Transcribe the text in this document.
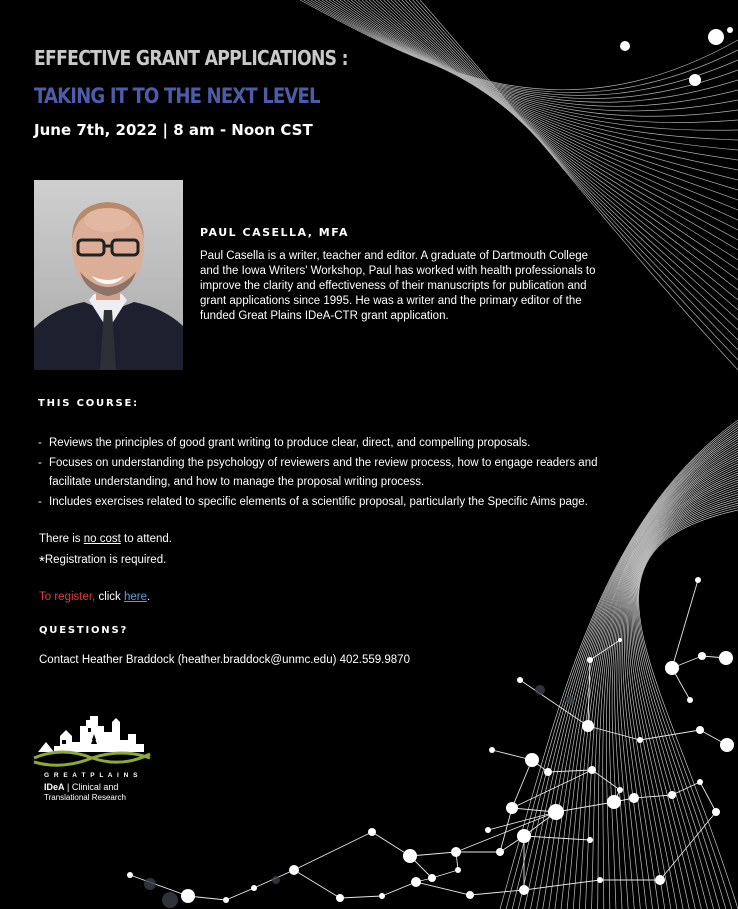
EFFECTIVE GRANT APPLICATIONS :
TAKING IT TO THE NEXT LEVEL
June 7th, 2022 | 8 am - Noon CST
PAUL CASELLA, MFA
Paul Casella is a writer, teacher and editor. A graduate of Dartmouth College and the Iowa Writers' Workshop, Paul has worked with health professionals to improve the clarity and effectiveness of their manuscripts for publication and grant applications since 1995. He was a writer and the primary editor of the funded Great Plains IDeA-CTR grant application.
THIS COURSE:
- Reviews the principles of good grant writing to produce clear, direct, and compelling proposals.
- Focuses on understanding the psychology of reviewers and the review process, how to engage readers and facilitate understanding, and how to manage the proposal writing process.
- Includes exercises related to specific elements of a scientific proposal, particularly the Specific Aims page.
There is no cost to attend.
*Registration is required.
To register, click here.
QUESTIONS?
Contact Heather Braddock (heather.braddock@unmc.edu) 402.559.9870
G R E A T P L A I N S
IDeA | Clinical and
Translational Research
